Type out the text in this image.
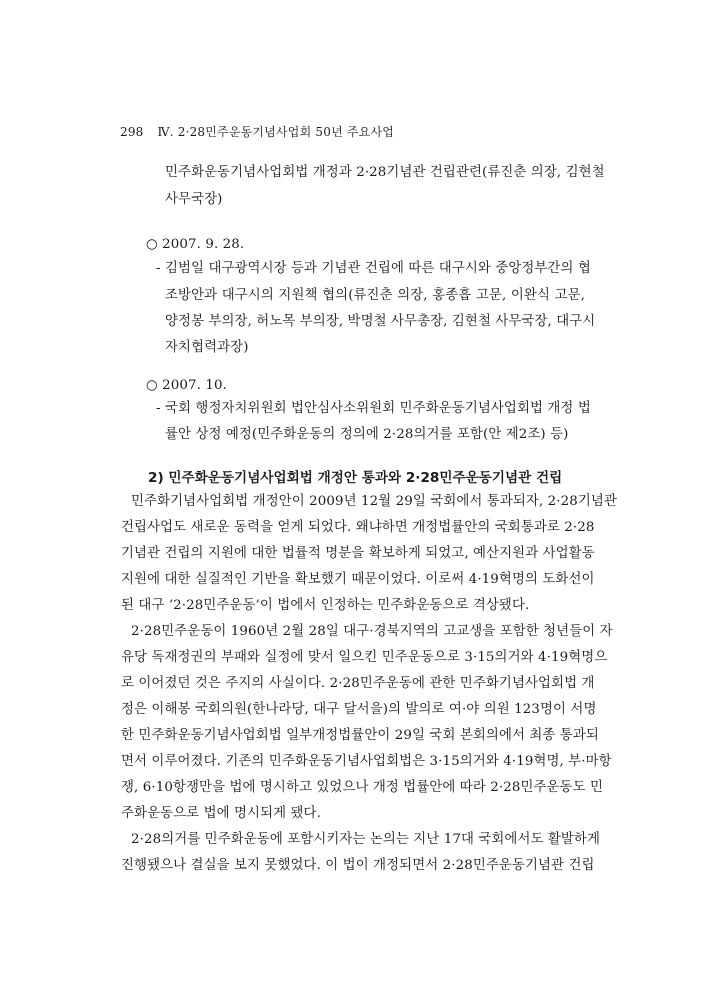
298 Ⅳ. 2·28민주운동기념사업회 50년 주요사업
민주화운동기념사업회법 개정과 2·28기념관 건립관련(류진춘 의장, 김현철
사무국장)
○ 2007. 9. 28.
- 김범일 대구광역시장 등과 기념관 건립에 따른 대구시와 중앙정부간의 협
조방안과 대구시의 지원책 협의(류진춘 의장, 홍종흡 고문, 이완식 고문,
양정봉 부의장, 허노목 부의장, 박명철 사무총장, 김현철 사무국장, 대구시
자치협력과장)
○ 2007. 10.
- 국회 행정자치위원회 법안심사소위원회 민주화운동기념사업회법 개정 법
률안 상정 예정(민주화운동의 정의에 2·28의거를 포함(안 제2조) 등)
2) 민주화운동기념사업회법 개정안 통과와 2·28민주운동기념관 건립
민주화기념사업회법 개정안이 2009년 12월 29일 국회에서 통과되자, 2·28기념관
건립사업도 새로운 동력을 얻게 되었다. 왜냐하면 개정법률안의 국회통과로 2·28
기념관 건립의 지원에 대한 법률적 명분을 확보하게 되었고, 예산지원과 사업활동
지원에 대한 실질적인 기반을 확보했기 때문이었다. 이로써 4·19혁명의 도화선이
된 대구 ‘2·28민주운동’이 법에서 인정하는 민주화운동으로 격상됐다.
2·28민주운동이 1960년 2월 28일 대구·경북지역의 고교생을 포함한 청년들이 자
유당 독재정권의 부패와 실정에 맞서 일으킨 민주운동으로 3·15의거와 4·19혁명으
로 이어졌던 것은 주지의 사실이다. 2·28민주운동에 관한 민주화기념사업회법 개
정은 이해봉 국회의원(한나라당, 대구 달서을)의 발의로 여·야 의원 123명이 서명
한 민주화운동기념사업회법 일부개정법률안이 29일 국회 본회의에서 최종 통과되
면서 이루어졌다. 기존의 민주화운동기념사업회법은 3·15의거와 4·19혁명, 부·마항
쟁, 6·10항쟁만을 법에 명시하고 있었으나 개정 법률안에 따라 2·28민주운동도 민
주화운동으로 법에 명시되게 됐다.
2·28의거를 민주화운동에 포함시키자는 논의는 지난 17대 국회에서도 활발하게
진행됐으나 결실을 보지 못했었다. 이 법이 개정되면서 2·28민주운동기념관 건립
